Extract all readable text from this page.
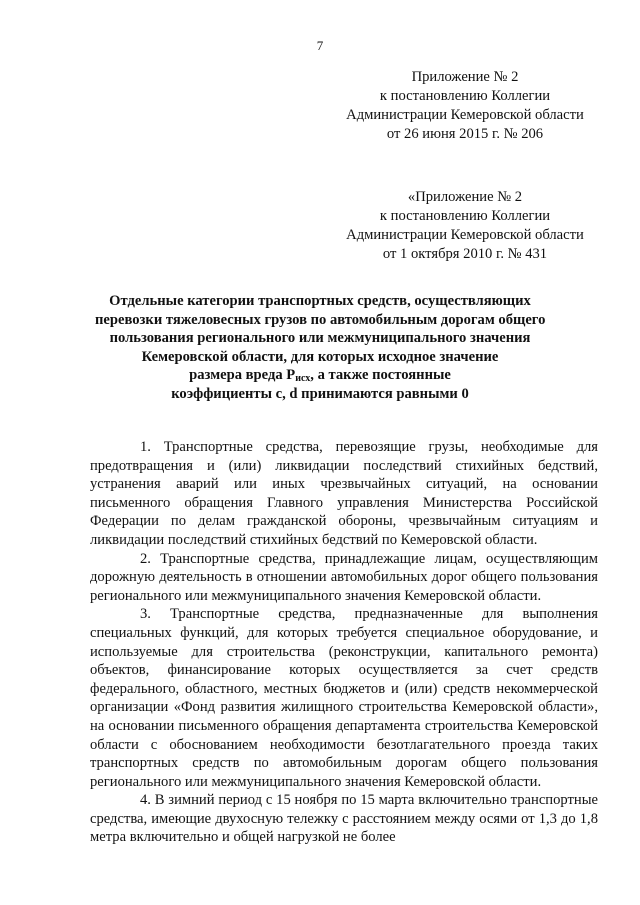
7
Приложение № 2
к постановлению Коллегии
Администрации Кемеровской области
от 26 июня 2015 г. № 206
«Приложение № 2
к постановлению Коллегии
Администрации Кемеровской области
от 1 октября 2010 г. № 431
Отдельные категории транспортных средств, осуществляющих
перевозки тяжеловесных грузов по автомобильным дорогам общего
пользования регионального или межмуниципального значения
Кемеровской области, для которых исходное значение
размера вреда $Р_{исх}$, а также постоянные
коэффициенты с, d принимаются равными 0

1. Транспортные средства, перевозящие грузы, необходимые для предотвращения и (или) ликвидации последствий стихийных бедствий, устранения аварий или иных чрезвычайных ситуаций, на основании письменного обращения Главного управления Министерства Российской Федерации по делам гражданской обороны, чрезвычайным ситуациям и ликвидации последствий стихийных бедствий по Кемеровской области.

2. Транспортные средства, принадлежащие лицам, осуществляющим дорожную деятельность в отношении автомобильных дорог общего пользования регионального или межмуниципального значения Кемеровской области.

3. Транспортные средства, предназначенные для выполнения специальных функций, для которых требуется специальное оборудование, и используемые для строительства (реконструкции, капитального ремонта) объектов, финансирование которых осуществляется за счет средств федерального, областного, местных бюджетов и (или) средств некоммерческой организации «Фонд развития жилищного строительства Кемеровской области», на основании письменного обращения департамента строительства Кемеровской области с обоснованием необходимости безотлагательного проезда таких транспортных средств по автомобильным дорогам общего пользования регионального или межмуниципального значения Кемеровской области.

4. В зимний период с 15 ноября по 15 марта включительно транспортные средства, имеющие двухосную тележку с расстоянием между осями от 1,3 до 1,8 метра включительно и общей нагрузкой не более
